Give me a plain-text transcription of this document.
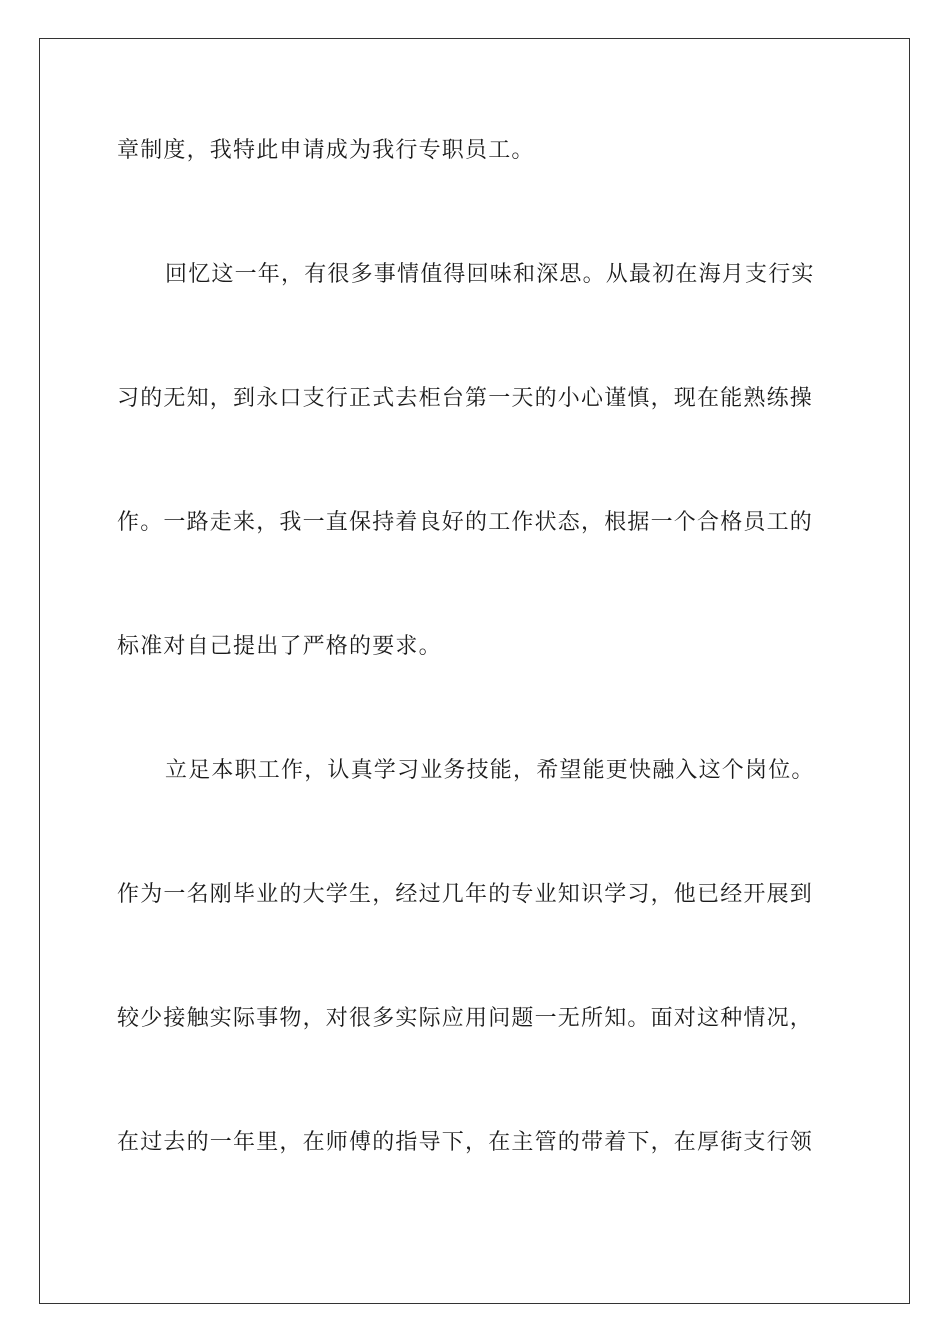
章制度，我特此申请成为我行专职员工。
回忆这一年，有很多事情值得回味和深思。从最初在海月支行实
习的无知，到永口支行正式去柜台第一天的小心谨慎，现在能熟练操
作。一路走来，我一直保持着良好的工作状态，根据一个合格员工的
标准对自己提出了严格的要求。
立足本职工作，认真学习业务技能，希望能更快融入这个岗位。
作为一名刚毕业的大学生，经过几年的专业知识学习，他已经开展到
较少接触实际事物，对很多实际应用问题一无所知。面对这种情况，
在过去的一年里，在师傅的指导下，在主管的带着下，在厚街支行领
